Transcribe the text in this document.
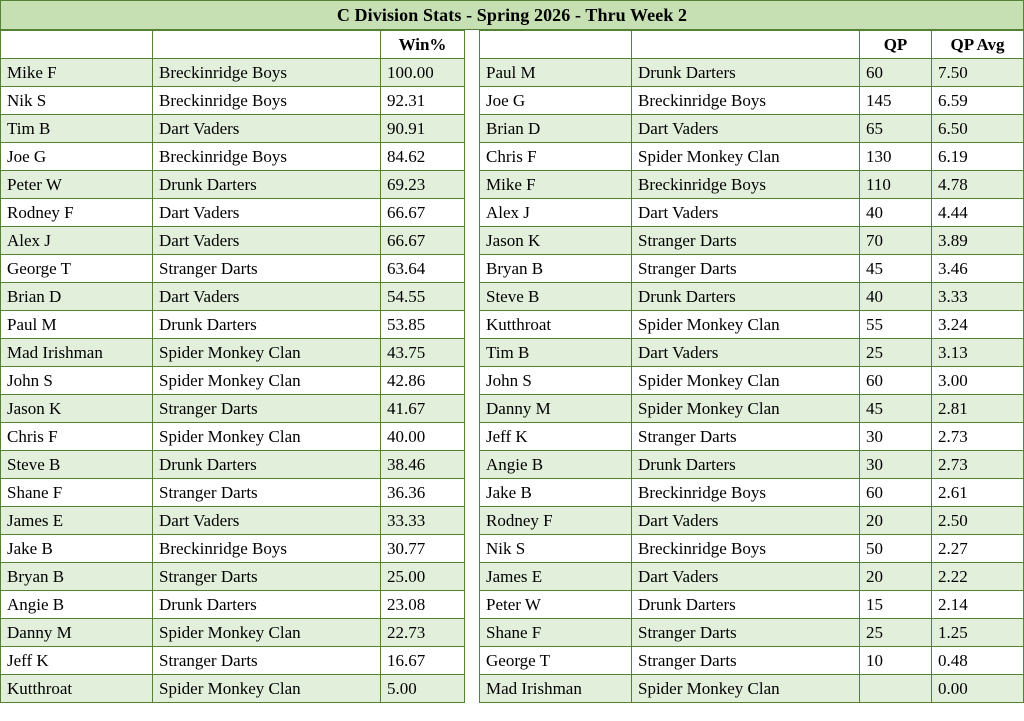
C Division Stats - Spring 2026 - Thru Week 2
		Win%
Mike F	Breckinridge Boys	100.00
Nik S	Breckinridge Boys	92.31
Tim B	Dart Vaders	90.91
Joe G	Breckinridge Boys	84.62
Peter W	Drunk Darters	69.23
Rodney F	Dart Vaders	66.67
Alex J	Dart Vaders	66.67
George T	Stranger Darts	63.64
Brian D	Dart Vaders	54.55
Paul M	Drunk Darters	53.85
Mad Irishman	Spider Monkey Clan	43.75
John S	Spider Monkey Clan	42.86
Jason K	Stranger Darts	41.67
Chris F	Spider Monkey Clan	40.00
Steve B	Drunk Darters	38.46
Shane F	Stranger Darts	36.36
James E	Dart Vaders	33.33
Jake B	Breckinridge Boys	30.77
Bryan B	Stranger Darts	25.00
Angie B	Drunk Darters	23.08
Danny M	Spider Monkey Clan	22.73
Jeff K	Stranger Darts	16.67
Kutthroat	Spider Monkey Clan	5.00
		QP	QP Avg
Paul M	Drunk Darters	60	7.50
Joe G	Breckinridge Boys	145	6.59
Brian D	Dart Vaders	65	6.50
Chris F	Spider Monkey Clan	130	6.19
Mike F	Breckinridge Boys	110	4.78
Alex J	Dart Vaders	40	4.44
Jason K	Stranger Darts	70	3.89
Bryan B	Stranger Darts	45	3.46
Steve B	Drunk Darters	40	3.33
Kutthroat	Spider Monkey Clan	55	3.24
Tim B	Dart Vaders	25	3.13
John S	Spider Monkey Clan	60	3.00
Danny M	Spider Monkey Clan	45	2.81
Jeff K	Stranger Darts	30	2.73
Angie B	Drunk Darters	30	2.73
Jake B	Breckinridge Boys	60	2.61
Rodney F	Dart Vaders	20	2.50
Nik S	Breckinridge Boys	50	2.27
James E	Dart Vaders	20	2.22
Peter W	Drunk Darters	15	2.14
Shane F	Stranger Darts	25	1.25
George T	Stranger Darts	10	0.48
Mad Irishman	Spider Monkey Clan		0.00
